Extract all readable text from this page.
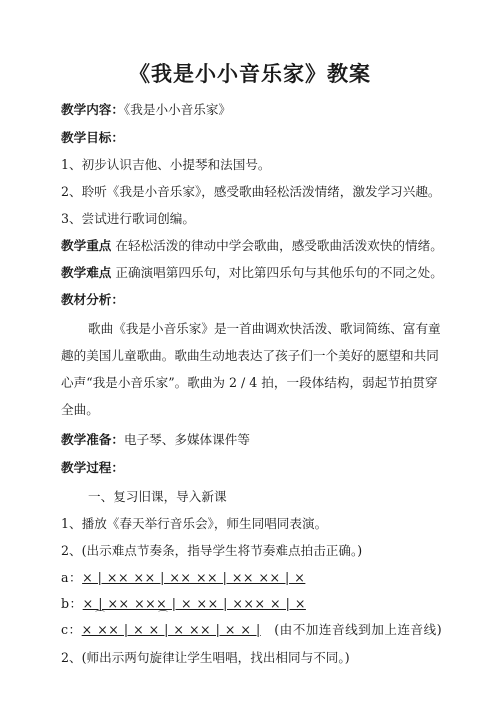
《我是小小音乐家》教案
教学内容：《我是小小音乐家》
教学目标：
1、初步认识吉他、小提琴和法国号。
2、聆听《我是小音乐家》，感受歌曲轻松活泼情绪，激发学习兴趣。
3、尝试进行歌词创编。
教学重点 在轻松活泼的律动中学会歌曲，感受歌曲活泼欢快的情绪。
教学难点 正确演唱第四乐句，对比第四乐句与其他乐句的不同之处。
教材分析：
歌曲《我是小音乐家》是一首曲调欢快活泼、歌词简练、富有童
趣的美国儿童歌曲。歌曲生动地表达了孩子们一个美好的愿望和共同
心声“我是小音乐家”。歌曲为 2 / 4 拍，一段体结构，弱起节拍贯穿
全曲。
教学准备：电子琴、多媒体课件等
教学过程：
一、复习旧课，导入新课
1、播放《春天举行音乐会》，师生同唱同表演。
2、(出示难点节奏条，指导学生将节奏难点拍击正确。)
a：× | ×× ×× | ×× ×× | ×× ×× | ×
b：× | ×× ××× | × ×× | ××× × | ×
⌒	⌒
c：× ×× | × × | × ×× | × × | (由不加连音线到加上连音线)
2、(师出示两句旋律让学生唱唱，找出相同与不同。)
